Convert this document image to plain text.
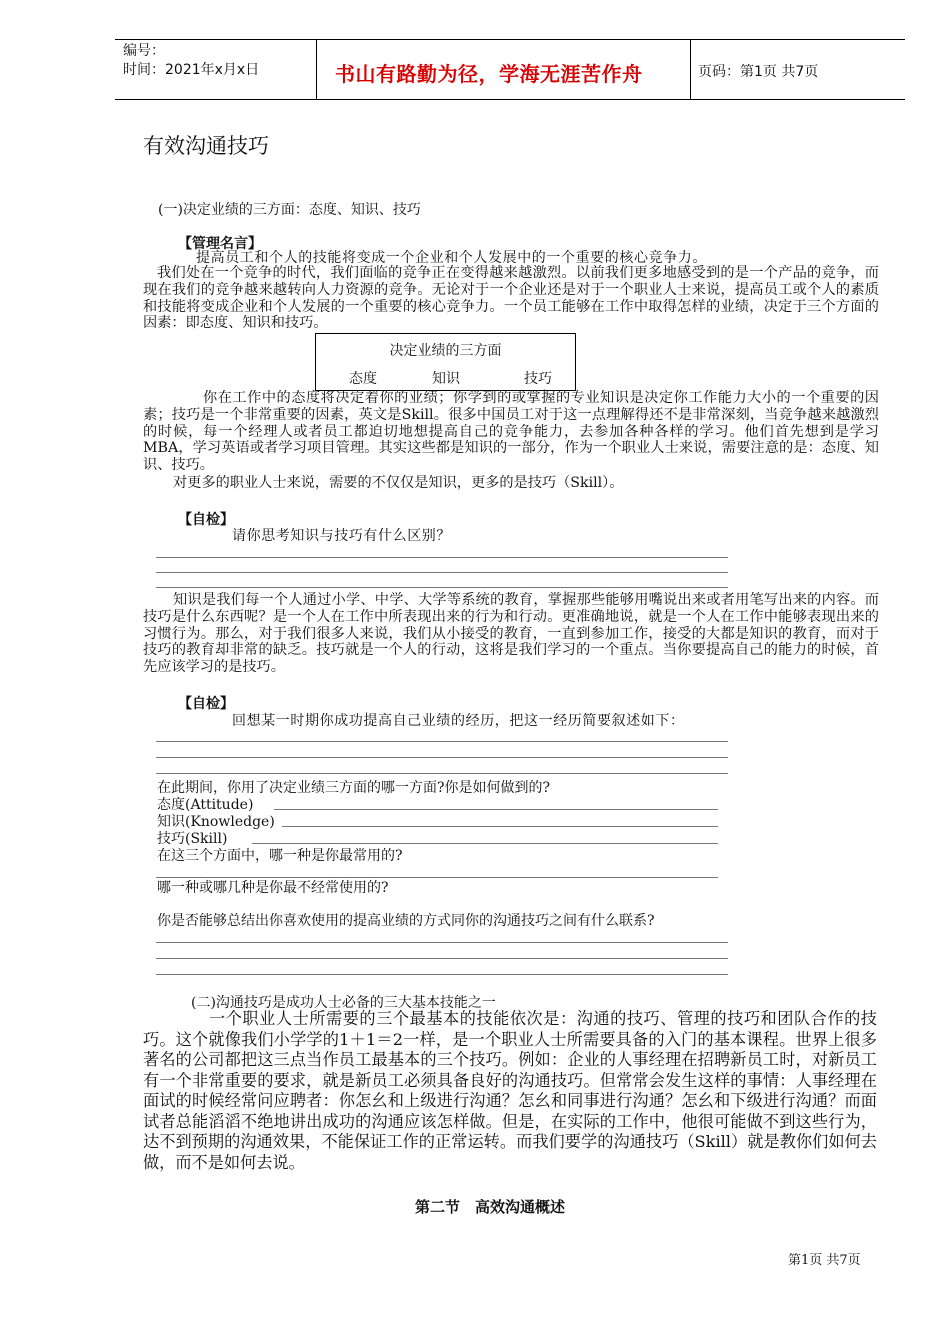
编号：
时间：2021年x月x日	书山有路勤为径，学海无涯苦作舟	页码：第1页 共7页
有效沟通技巧
(一)决定业绩的三方面：态度、知识、技巧
【管理名言】
提高员工和个人的技能将变成一个企业和个人发展中的一个重要的核心竞争力。

我们处在一个竞争的时代，我们面临的竞争正在变得越来越激烈。以前我们更多地感受到的是一个产品的竞争，而现在我们的竞争越来越转向人力资源的竞争。无论对于一个企业还是对于一个职业人士来说，提高员工或个人的素质和技能将变成企业和个人发展的一个重要的核心竞争力。一个员工能够在工作中取得怎样的业绩，决定于三个方面的因素：即态度、知识和技巧。

决定业绩的三方面
态度	知识	技巧

你在工作中的态度将决定着你的业绩；你学到的或掌握的专业知识是决定你工作能力大小的一个重要的因素；技巧是一个非常重要的因素，英文是Skill。很多中国员工对于这一点理解得还不是非常深刻，当竞争越来越激烈的时候，每一个经理人或者员工都迫切地想提高自己的竞争能力，去参加各种各样的学习。他们首先想到是学习MBA，学习英语或者学习项目管理。其实这些都是知识的一部分，作为一个职业人士来说，需要注意的是：态度、知识、技巧。

对更多的职业人士来说，需要的不仅仅是知识，更多的是技巧（Skill）。

【自检】
请你思考知识与技巧有什么区别？

知识是我们每一个人通过小学、中学、大学等系统的教育，掌握那些能够用嘴说出来或者用笔写出来的内容。而技巧是什么东西呢？是一个人在工作中所表现出来的行为和行动。更准确地说，就是一个人在工作中能够表现出来的习惯行为。那么，对于我们很多人来说，我们从小接受的教育，一直到参加工作，接受的大都是知识的教育，而对于技巧的教育却非常的缺乏。技巧就是一个人的行动，这将是我们学习的一个重点。当你要提高自己的能力的时候，首先应该学习的是技巧。

【自检】
回想某一时期你成功提高自己业绩的经历，把这一经历简要叙述如下：
在此期间，你用了决定业绩三方面的哪一方面?你是如何做到的?
态度(Attitude)
知识(Knowledge)
技巧(Skill)
在这三个方面中，哪一种是你最常用的?
哪一种或哪几种是你最不经常使用的?
你是否能够总结出你喜欢使用的提高业绩的方式同你的沟通技巧之间有什么联系?
(二)沟通技巧是成功人士必备的三大基本技能之一

一个职业人士所需要的三个最基本的技能依次是：沟通的技巧、管理的技巧和团队合作的技巧。这个就像我们小学学的1＋1＝2一样，是一个职业人士所需要具备的入门的基本课程。世界上很多著名的公司都把这三点当作员工最基本的三个技巧。例如：企业的人事经理在招聘新员工时，对新员工有一个非常重要的要求，就是新员工必须具备良好的沟通技巧。但常常会发生这样的事情：人事经理在面试的时候经常问应聘者：你怎幺和上级进行沟通？怎幺和同事进行沟通？怎幺和下级进行沟通？而面试者总能滔滔不绝地讲出成功的沟通应该怎样做。但是，在实际的工作中，他很可能做不到这些行为，达不到预期的沟通效果，不能保证工作的正常运转。而我们要学的沟通技巧（Skill）就是教你们如何去做，而不是如何去说。

第二节　高效沟通概述
第1页 共7页
